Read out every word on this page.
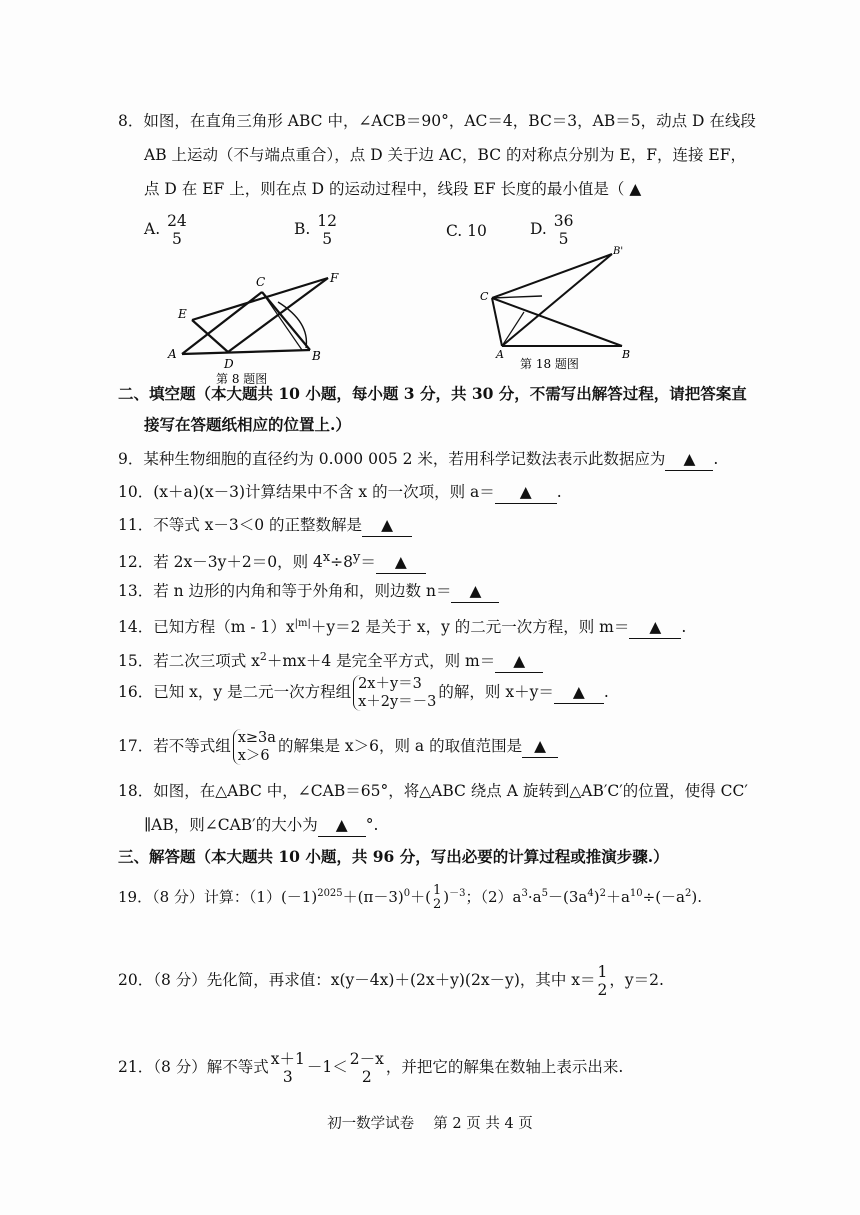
8．如图，在直角三角形 ABC 中，∠ACB＝90°，AC＝4，BC＝3，AB＝5，动点 D 在线段
AB 上运动（不与端点重合），点 D 关于边 AC，BC 的对称点分别为 E，F，连接 EF，
点 D 在 EF 上，则在点 D 的运动过程中，线段 EF 长度的最小值是（ ▲
A. 24
5
B. 12
5	C. 10	D. 36
5
A	B
C
D
E
F
第 8 题图
C
A	B
B'
第 18 题图
二、填空题（本大题共 10 小题，每小题 3 分，共 30 分，不需写出解答过程，请把答案直
接写在答题纸相应的位置上.）
9．某种生物细胞的直径约为 0.000 005 2 米，若用科学记数法表示此数据应为 ▲ .
10．(x＋a)(x－3)计算结果中不含 x 的一次项，则 a＝ ▲ .
11．不等式 x－3＜0 的正整数解是 ▲
12．若 2x－3y＋2＝0，则 $4^x\div 8^y=$ ▲
13．若 n 边形的内角和等于外角和，则边数 n＝ ▲
14．已知方程$(m - 1)x^{|m|}+y=2$ 是关于 x，y 的二元一次方程，则 m＝ ▲ .
15．若二次三项式 $x^2+mx+4$ 是完全平方式，则 m＝ ▲
16．已知 x，y 是二元一次方程组 2x＋y＝3
x＋2y＝－3
的解，则 x＋y＝ ▲ .
17．若不等式组 x≥3a
x＞6
的解集是 x＞6，则 a 的取值范围是 ▲
18．如图，在△ABC 中，∠CAB＝65°，将△ABC 绕点 A 旋转到△AB′C′的位置，使得 CC′
∥AB，则∠CAB′的大小为 ▲ °.
三、解答题（本大题共 10 小题，共 96 分，写出必要的计算过程或推演步骤.）
19．（8 分）计算：$(1)(-1)^{2025}+(\pi-3)^0+$( 1
2 )$^{-3}$；$(2)a^3\cdot a^5-(3a^4)^2+a^{10}\div(-a^2)$.
20．（8 分）先化简，再求值：x(y－4x)＋(2x＋y)(2x－y)，其中 x＝ 1
2
，y＝2.
21．（8 分）解不等式 x＋1
3
－1＜ 2－x
2
，并把它的解集在数轴上表示出来.
初一数学试卷　 第 2 页 共 4 页
